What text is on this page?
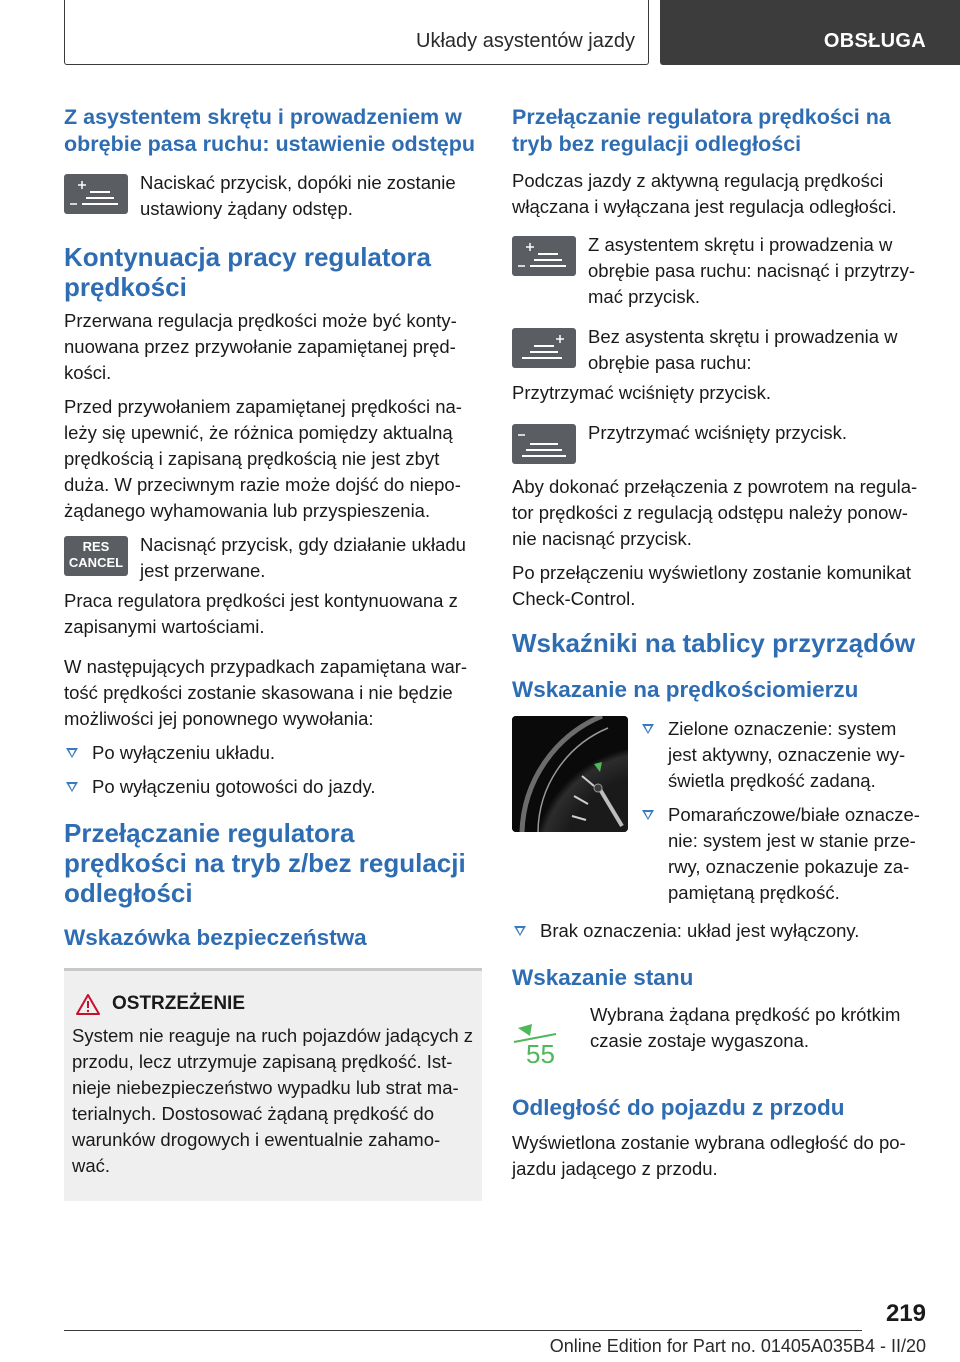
Układy asystentów jazdy	OBSŁUGA
Z asystentem skrętu i prowadzeniem w obrębie pasa ruchu: ustawienie odstępu
Naciskać przycisk, dopóki nie zostanie ustawiony żądany odstęp.
Kontynuacja pracy regulatora prędkości

Przerwana regulacja prędkości może być konty-nuowana przez przywołanie zapamiętanej pręd-kości.

Przed przywołaniem zapamiętanej prędkości na-leży się upewnić, że różnica pomiędzy aktualną prędkością i zapisaną prędkością nie jest zbyt duża. W przeciwnym razie może dojść do niepo-żądanego wyhamowania lub przyspieszenia.

RES
CANCEL
Nacisnąć przycisk, gdy działanie układu jest przerwane.

Praca regulatora prędkości jest kontynuowana z zapisanymi wartościami.

W następujących przypadkach zapamiętana war-tość prędkości zostanie skasowana i nie będzie możliwości jej ponownego wywołania:

Po wyłączeniu układu.
Po wyłączeniu gotowości do jazdy.
Przełączanie regulatora prędkości na tryb z/bez regulacji odległości
Wskazówka bezpieczeństwa
OSTRZEŻENIE

System nie reaguje na ruch pojazdów jadących z przodu, lecz utrzymuje zapisaną prędkość. Ist-nieje niebezpieczeństwo wypadku lub strat ma-terialnych. Dostosować żądaną prędkość do warunków drogowych i ewentualnie zahamo-wać.

Przełączanie regulatora prędkości na tryb bez regulacji odległości

Podczas jazdy z aktywną regulacją prędkości włączana i wyłączana jest regulacja odległości.

Z asystentem skrętu i prowadzenia w obrębie pasa ruchu: nacisnąć i przytrzy-mać przycisk.
Bez asystenta skrętu i prowadzenia w obrębie pasa ruchu:

Przytrzymać wciśnięty przycisk.

Przytrzymać wciśnięty przycisk.

Aby dokonać przełączenia z powrotem na regula-tor prędkości z regulacją odstępu należy ponow-nie nacisnąć przycisk.

Po przełączeniu wyświetlony zostanie komunikat Check-Control.

Wskaźniki na tablicy przyrządów
Wskazanie na prędkościomierzu
Zielone oznaczenie: system jest aktywny, oznaczenie wy-świetla prędkość zadaną.
Pomarańczowe/białe oznacze-nie: system jest w stanie prze-rwy, oznaczenie pokazuje za-pamiętaną prędkość.
Brak oznaczenia: układ jest wyłączony.
Wskazanie stanu
55
Wybrana żądana prędkość po krótkim czasie zostaje wygaszona.
Odległość do pojazdu z przodu

Wyświetlona zostanie wybrana odległość do po-jazdu jadącego z przodu.

219
Online Edition for Part no. 01405A035B4 - II/20
